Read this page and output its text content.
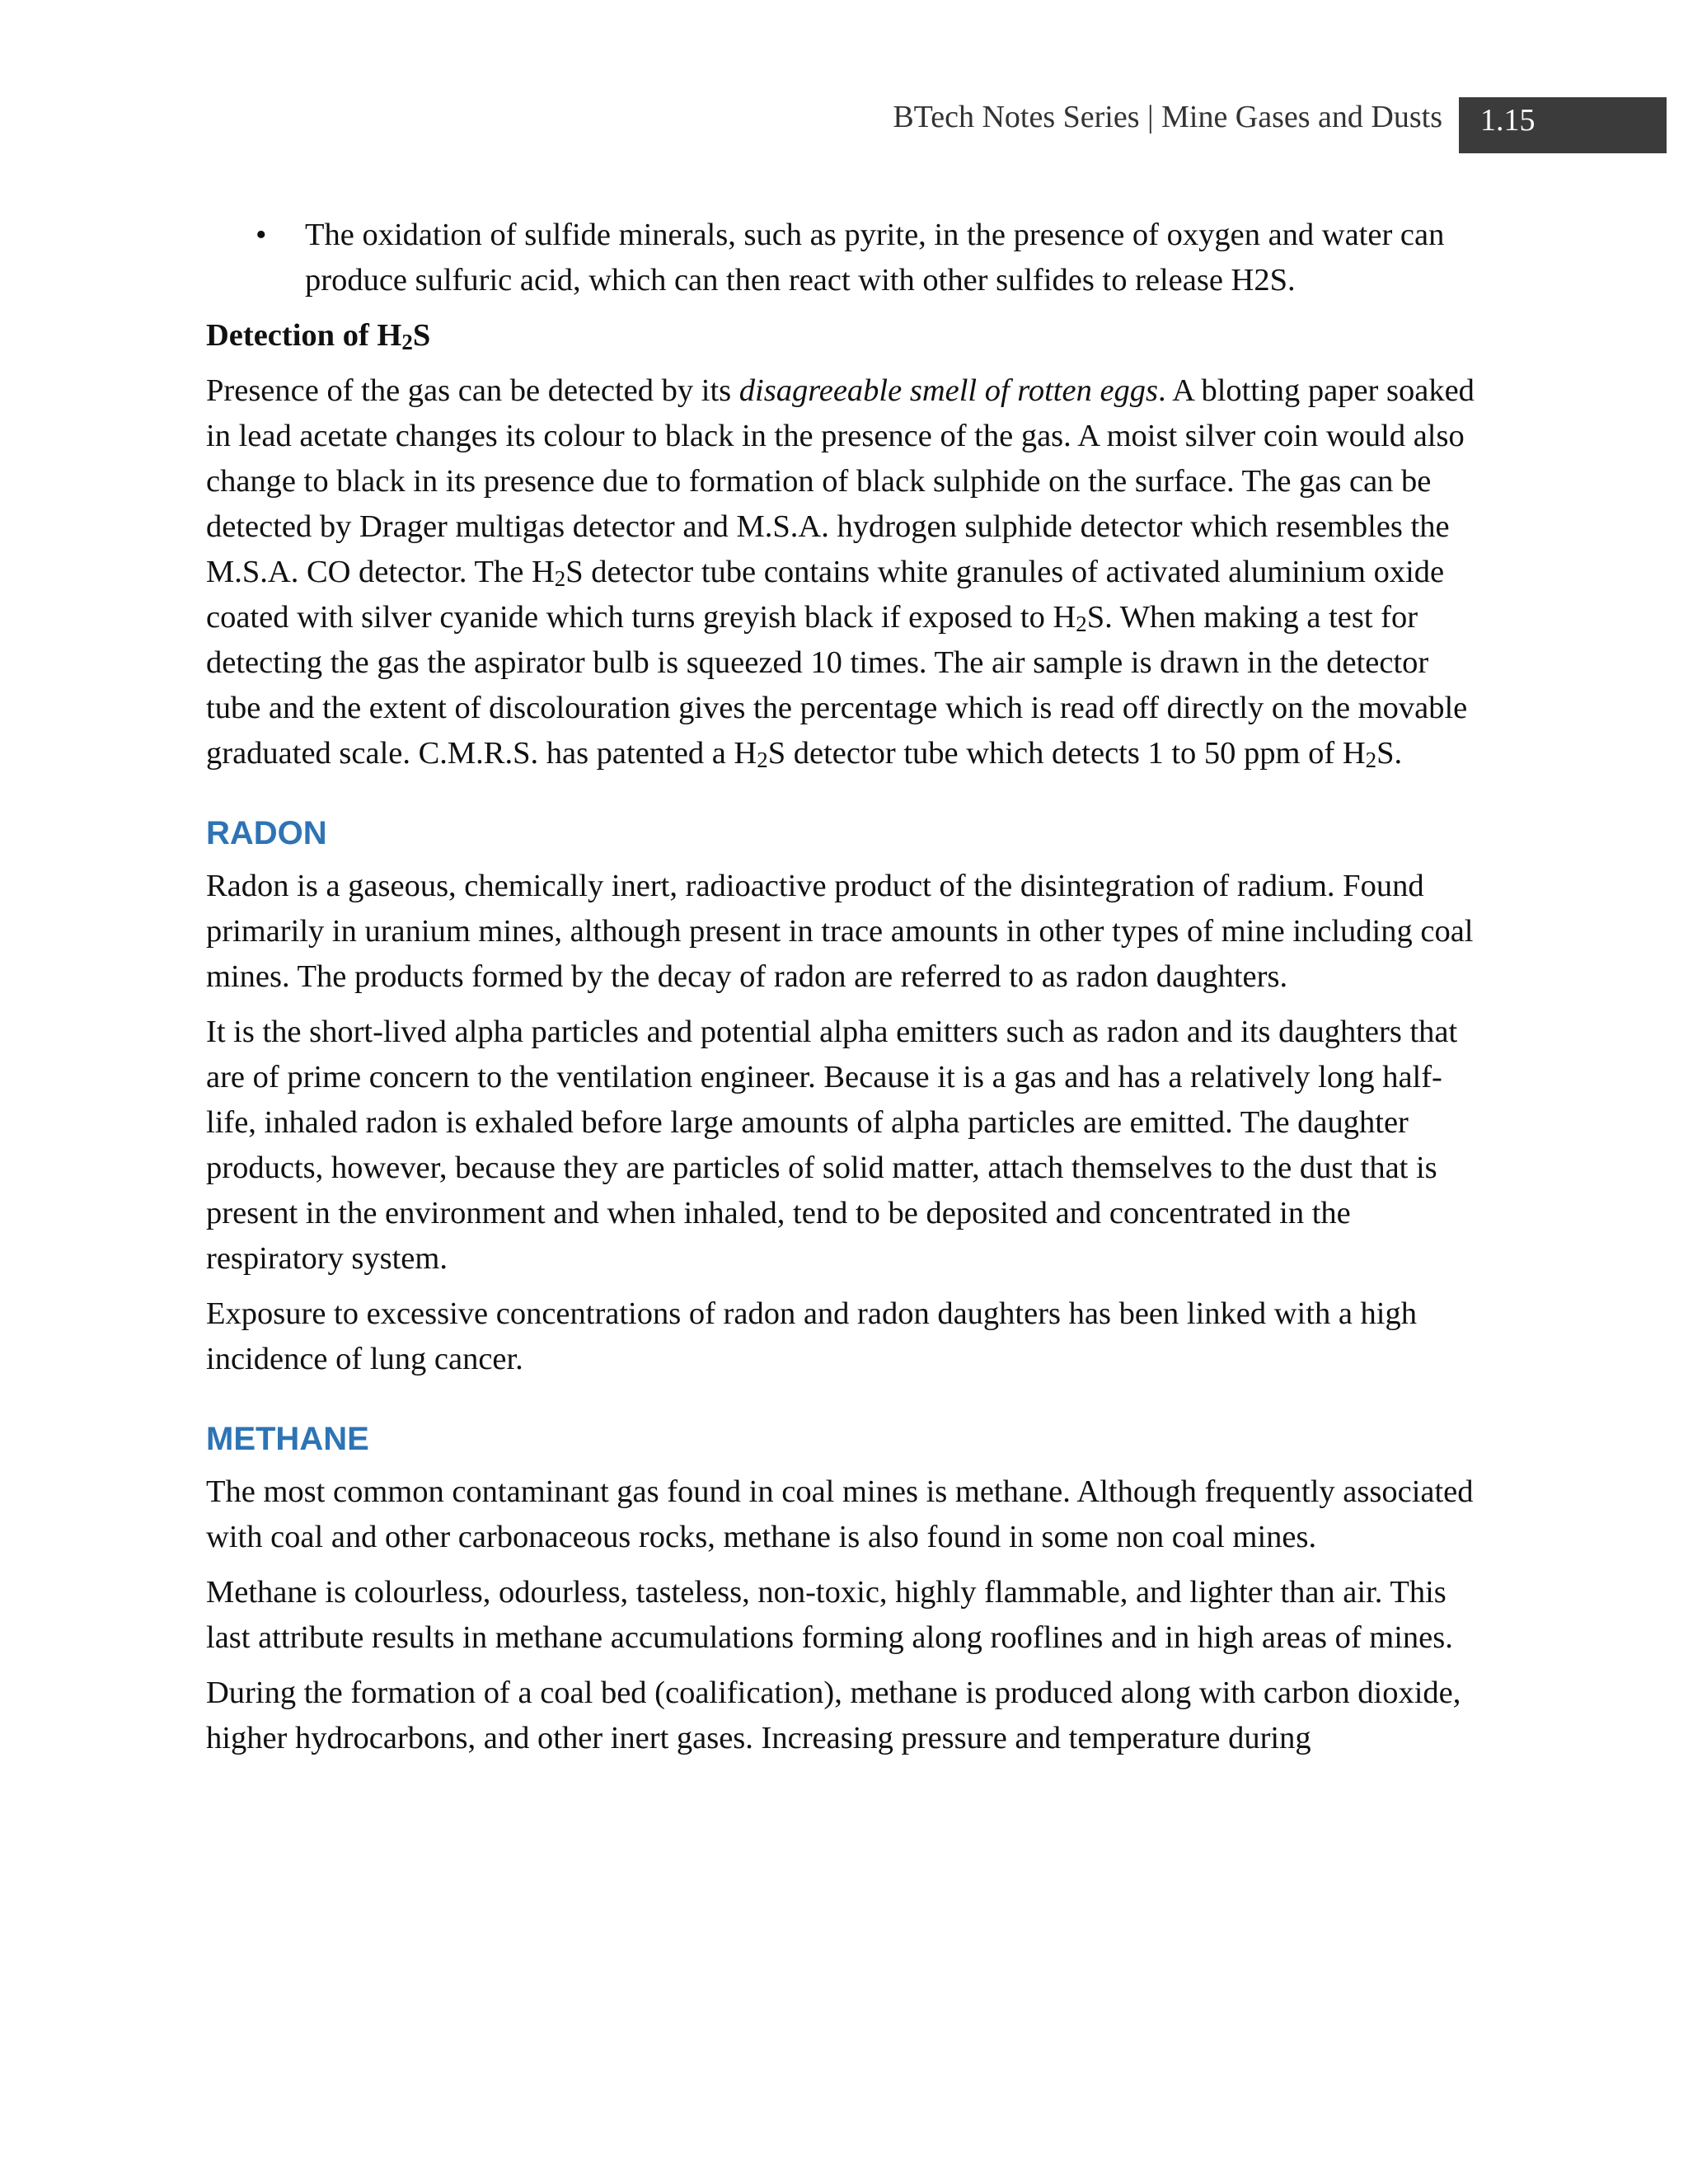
BTech Notes Series | Mine Gases and Dusts 1.15
• The oxidation of sulfide minerals, such as pyrite, in the presence of oxygen and water can produce sulfuric acid, which can then react with other sulfides to release H2S.
Detection of H2S

Presence of the gas can be detected by its disagreeable smell of rotten eggs. A blotting paper soaked in lead acetate changes its colour to black in the presence of the gas. A moist silver coin would also change to black in its presence due to formation of black sulphide on the surface. The gas can be detected by Drager multigas detector and M.S.A. hydrogen sulphide detector which resembles the M.S.A. CO detector. The H2S detector tube contains white granules of activated aluminium oxide coated with silver cyanide which turns greyish black if exposed to H2S. When making a test for detecting the gas the aspirator bulb is squeezed 10 times. The air sample is drawn in the detector tube and the extent of discolouration gives the percentage which is read off directly on the movable graduated scale. C.M.R.S. has patented a H2S detector tube which detects 1 to 50 ppm of H2S.

RADON

Radon is a gaseous, chemically inert, radioactive product of the disintegration of radium. Found primarily in uranium mines, although present in trace amounts in other types of mine including coal mines. The products formed by the decay of radon are referred to as radon daughters.

It is the short-lived alpha particles and potential alpha emitters such as radon and its daughters that are of prime concern to the ventilation engineer. Because it is a gas and has a relatively long half-life, inhaled radon is exhaled before large amounts of alpha particles are emitted. The daughter products, however, because they are particles of solid matter, attach themselves to the dust that is present in the environment and when inhaled, tend to be deposited and concentrated in the respiratory system.

Exposure to excessive concentrations of radon and radon daughters has been linked with a high incidence of lung cancer.

METHANE

The most common contaminant gas found in coal mines is methane. Although frequently associated with coal and other carbonaceous rocks, methane is also found in some non coal mines.

Methane is colourless, odourless, tasteless, non-toxic, highly flammable, and lighter than air. This last attribute results in methane accumulations forming along rooflines and in high areas of mines.

During the formation of a coal bed (coalification), methane is produced along with carbon dioxide, higher hydrocarbons, and other inert gases. Increasing pressure and temperature during
